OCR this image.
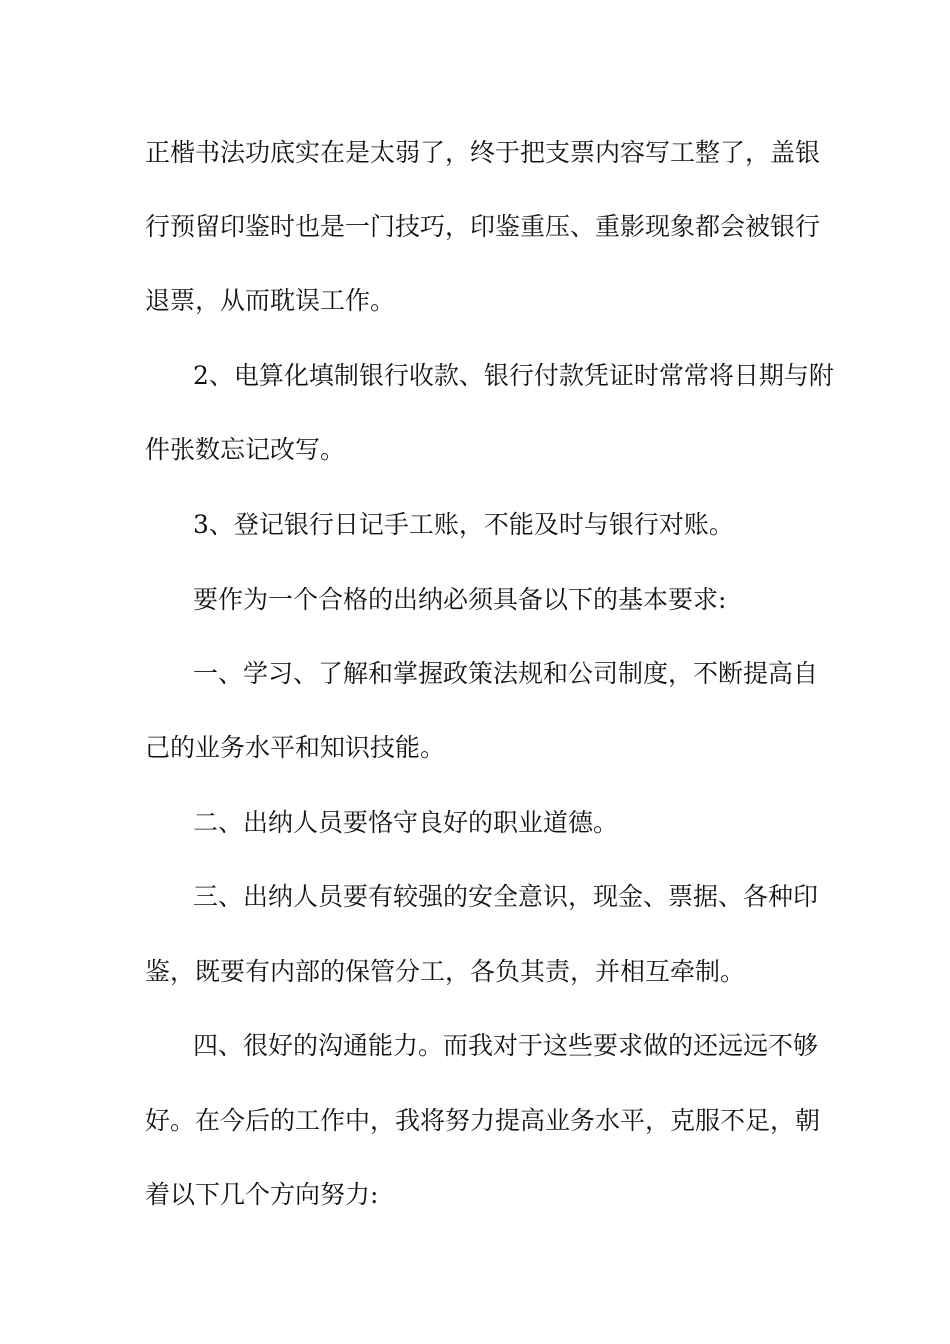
正楷书法功底实在是太弱了，终于把支票内容写工整了，盖银
行预留印鉴时也是一门技巧，印鉴重压、重影现象都会被银行
退票，从而耽误工作。
2、电算化填制银行收款、银行付款凭证时常常将日期与附
件张数忘记改写。
3、登记银行日记手工账，不能及时与银行对账。
要作为一个合格的出纳必须具备以下的基本要求:
一、学习、了解和掌握政策法规和公司制度，不断提高自
己的业务水平和知识技能。
二、出纳人员要恪守良好的职业道德。
三、出纳人员要有较强的安全意识，现金、票据、各种印
鉴，既要有内部的保管分工，各负其责，并相互牵制。
四、很好的沟通能力。而我对于这些要求做的还远远不够
好。在今后的工作中，我将努力提高业务水平，克服不足，朝
着以下几个方向努力:
